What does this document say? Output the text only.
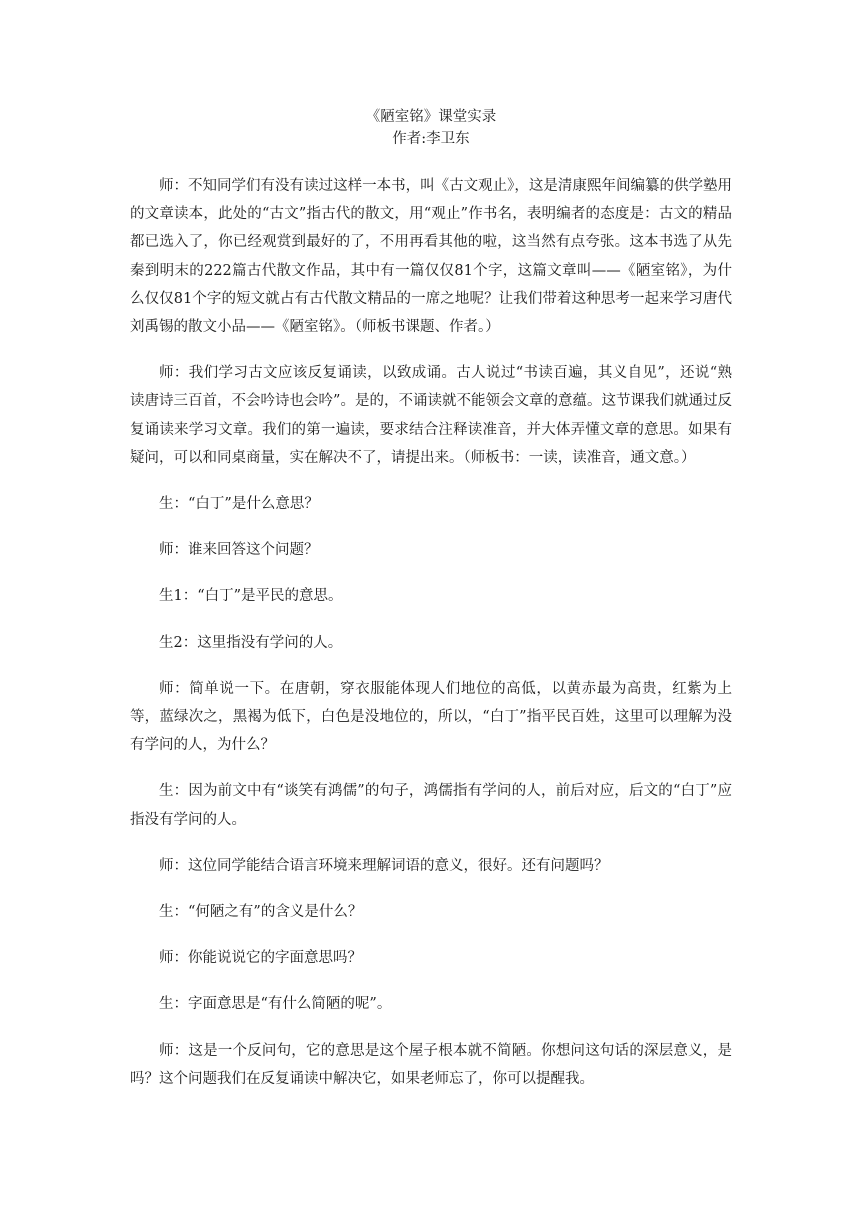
《陋室铭》课堂实录

作者:李卫东

师：不知同学们有没有读过这样一本书，叫《古文观止》，这是清康熙年间编纂的供学塾用的文章读本，此处的“古文”指古代的散文，用“观止”作书名，表明编者的态度是：古文的精品都已选入了，你已经观赏到最好的了，不用再看其他的啦，这当然有点夸张。这本书选了从先秦到明末的222篇古代散文作品，其中有一篇仅仅81个字，这篇文章叫——《陋室铭》，为什么仅仅81个字的短文就占有古代散文精品的一席之地呢？让我们带着这种思考一起来学习唐代刘禹锡的散文小品——《陋室铭》。（师板书课题、作者。）

师：我们学习古文应该反复诵读，以致成诵。古人说过“书读百遍，其义自见”，还说“熟读唐诗三百首，不会吟诗也会吟”。是的，不诵读就不能领会文章的意蕴。这节课我们就通过反复诵读来学习文章。我们的第一遍读，要求结合注释读准音，并大体弄懂文章的意思。如果有疑问，可以和同桌商量，实在解决不了，请提出来。（师板书：一读，读准音，通文意。）

生：“白丁”是什么意思？

师：谁来回答这个问题？

生1：“白丁”是平民的意思。

生2：这里指没有学问的人。

师：简单说一下。在唐朝，穿衣服能体现人们地位的高低，以黄赤最为高贵，红紫为上等，蓝绿次之，黑褐为低下，白色是没地位的，所以，“白丁”指平民百姓，这里可以理解为没有学问的人，为什么？

生：因为前文中有“谈笑有鸿儒”的句子，鸿儒指有学问的人，前后对应，后文的“白丁”应指没有学问的人。

师：这位同学能结合语言环境来理解词语的意义，很好。还有问题吗？

生：“何陋之有”的含义是什么？

师：你能说说它的字面意思吗？

生：字面意思是“有什么简陋的呢”。

师：这是一个反问句，它的意思是这个屋子根本就不简陋。你想问这句话的深层意义，是吗？这个问题我们在反复诵读中解决它，如果老师忘了，你可以提醒我。
